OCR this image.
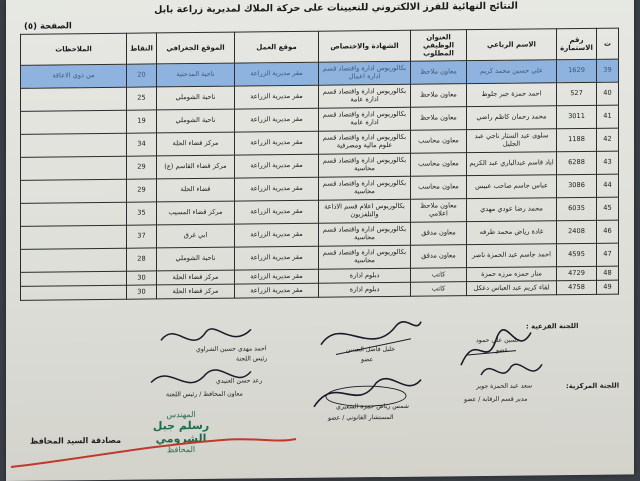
النتائج النهائية للفرز الالكتروني للتعيينات على حركة الملاك لمديرية زراعة بابل
الصفحة (٥)
ت	رقم الاستمارة	الاسم الرباعي	العنوان الوظيفي المطلوب	الشهادة والاختصاص	موقع العمل	الموقع الجغرافي	النقاط	الملاحظات
39	1629	علي حسين محمد كريم	معاون ملاحظ	بكالوريوس ادارة واقتصاد قسم ادارة اعمال	مقر مديرية الزراعة	ناحية المدحتية	20	من ذوي الاعاقة
40	527	احمد حمزة جبر جلوط	معاون ملاحظ	بكالوريوس ادارة واقتصاد قسم ادارة عامة	مقر مديرية الزراعة	ناحية الشوملي	25	
41	3011	محمد رحمان كاظم راضي	معاون ملاحظ	بكالوريوس ادارة واقتصاد قسم ادارة عامة	مقر مديرية الزراعة	ناحية الشوملي	19	
42	1188	سلوى عبد الستار ناجي عبد الجليل	معاون محاسب	بكالوريوس ادارة واقتصاد قسم علوم مالية ومصرفية	مقر مديرية الزراعة	مركز قضاء الحلة	34	
43	6288	اياد قاسم عبدالباري عبد الكريم	معاون محاسب	بكالوريوس ادارة واقتصاد قسم محاسبة	مقر مديرية الزراعة	مركز قضاء القاسم (ع)	29	
44	3086	عباس جاسم صاحب عبيس	معاون محاسب	بكالوريوس ادارة واقتصاد قسم محاسبة	مقر مديرية الزراعة	قضاء الحلة	29	
45	6035	محمد رضا عودي مهدي	معاون ملاحظ اعلامي	بكالوريوس اعلام قسم الاذاعة والتلفزيون	مقر مديرية الزراعة	مركز قضاء المسيب	35	
46	2408	غادة رياض محمد طرفه	معاون مدقق	بكالوريوس ادارة واقتصاد قسم محاسبة	مقر مديرية الزراعة	ابي غرق	37	
47	4595	احمد جاسم عبد الحمزة ناصر	معاون مدقق	بكالوريوس ادارة واقتصاد قسم محاسبة	مقر مديرية الزراعة	ناحية الشوملي	28	
48	4729	منار حمزه مرزه حمزة	كاتب	دبلوم ادارة	مقر مديرية الزراعة	مركز قضاء الحلة	30	
49	4758	لقاء كريم عبد العباس دعكل	كاتب	دبلوم ادارة	مقر مديرية الزراعة	مركز قضاء الحلة	30	
اللجنة الفرعية :
حسين علي حمود
عضو
اللجنة المركزية:
سعد عبد الحمزة جوير
مدير قسم الرقابة / عضو
خليل فاضل الحسن
عضو
شمس رياض حمزة الشعبري
المستشار القانوني / عضو
احمد مهدي حسين الشراوي
رئيس اللجنة
رعد حسن العنيدي
معاون المحافظ / رئيس اللجنة
مصادقة السيد المحافظ
المهندس
رسلم جبل الشرومي
المحافظ
